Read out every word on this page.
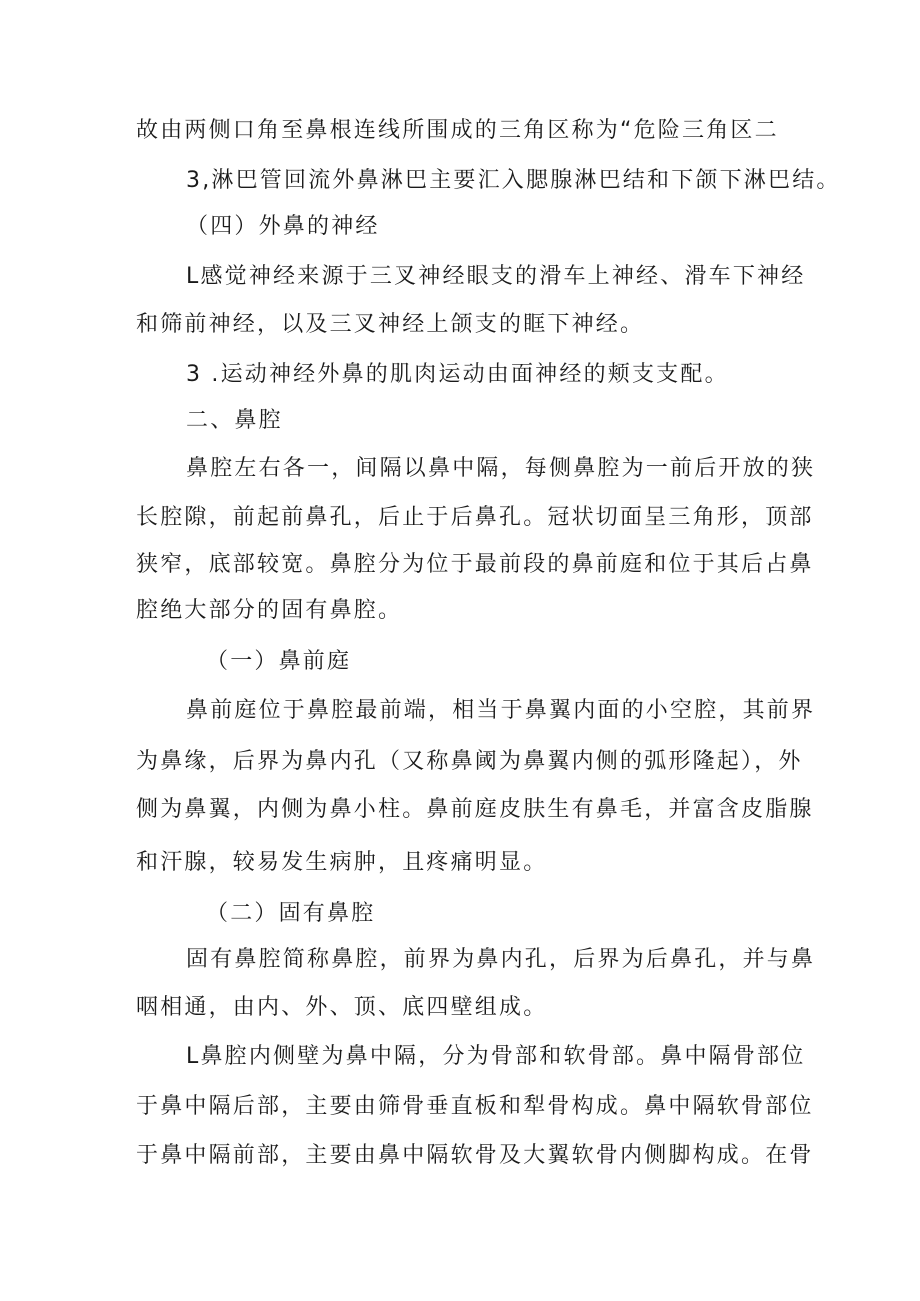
故由两侧口角至鼻根连线所围成的三角区称为“危险三角区二
3,淋巴管回流外鼻淋巴主要汇入腮腺淋巴结和下颌下淋巴结。
（四）外鼻的神经
L感觉神经来源于三叉神经眼支的滑车上神经、滑车下神经
和筛前神经，以及三叉神经上颌支的眶下神经。
3 .运动神经外鼻的肌肉运动由面神经的颊支支配。
二、鼻腔
鼻腔左右各一，间隔以鼻中隔，每侧鼻腔为一前后开放的狭
长腔隙，前起前鼻孔，后止于后鼻孔。冠状切面呈三角形，顶部
狭窄，底部较宽。鼻腔分为位于最前段的鼻前庭和位于其后占鼻
腔绝大部分的固有鼻腔。
（一）鼻前庭
鼻前庭位于鼻腔最前端，相当于鼻翼内面的小空腔，其前界
为鼻缘，后界为鼻内孔（又称鼻阈为鼻翼内侧的弧形隆起），外
侧为鼻翼，内侧为鼻小柱。鼻前庭皮肤生有鼻毛，并富含皮脂腺
和汗腺，较易发生病肿，且疼痛明显。
（二）固有鼻腔
固有鼻腔简称鼻腔，前界为鼻内孔，后界为后鼻孔，并与鼻
咽相通，由内、外、顶、底四壁组成。
L鼻腔内侧壁为鼻中隔，分为骨部和软骨部。鼻中隔骨部位
于鼻中隔后部，主要由筛骨垂直板和犁骨构成。鼻中隔软骨部位
于鼻中隔前部，主要由鼻中隔软骨及大翼软骨内侧脚构成。在骨
